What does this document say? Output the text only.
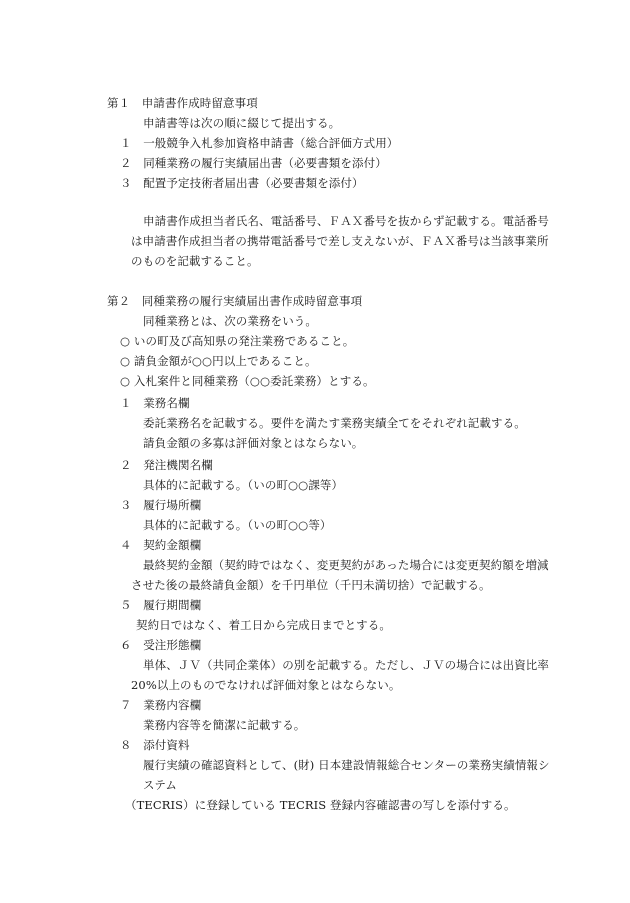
第１　申請書作成時留意事項
申請書等は次の順に綴じて提出する。
１　一般競争入札参加資格申請書（総合評価方式用）
２　同種業務の履行実績届出書（必要書類を添付）
３　配置予定技術者届出書（必要書類を添付）
申請書作成担当者氏名、電話番号、ＦＡＸ番号を抜からず記載する。電話番号
は申請書作成担当者の携帯電話番号で差し支えないが、ＦＡＸ番号は当該事業所
のものを記載すること。
第２　同種業務の履行実績届出書作成時留意事項
同種業務とは、次の業務をいう。
○ いの町及び高知県の発注業務であること。
○ 請負金額が○○円以上であること。
○ 入札案件と同種業務（○○委託業務）とする。
１　業務名欄
委託業務名を記載する。要件を満たす業務実績全てをそれぞれ記載する。
請負金額の多寡は評価対象とはならない。
２　発注機関名欄
具体的に記載する。（いの町○○課等）
３　履行場所欄
具体的に記載する。（いの町○○等）
４　契約金額欄
最終契約金額（契約時ではなく、変更契約があった場合には変更契約額を増減
させた後の最終請負金額）を千円単位（千円未満切捨）で記載する。
５　履行期間欄
契約日ではなく、着工日から完成日までとする。
６　受注形態欄
単体、ＪＶ（共同企業体）の別を記載する。ただし、ＪＶの場合には出資比率
20%以上のものでなければ評価対象とはならない。
７　業務内容欄
業務内容等を簡潔に記載する。
８　添付資料
履行実績の確認資料として、(財) 日本建設情報総合センターの業務実績情報シ
ステム
（TECRIS）に登録している TECRIS 登録内容確認書の写しを添付する。
